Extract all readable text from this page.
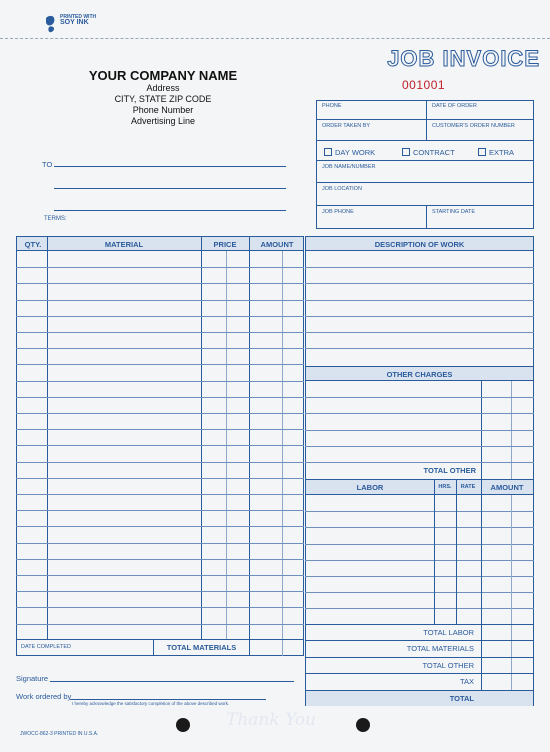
PRINTED WITH
SOY INK
YOUR COMPANY NAME
Address
CITY, STATE ZIP CODE
Phone Number
Advertising Line
JOB INVOICE
001001
TO
TERMS:
PHONE	DATE OF ORDER
ORDER TAKEN BY	CUSTOMER'S ORDER NUMBER
DAY WORK	CONTRACT	EXTRA
JOB NAME/NUMBER
JOB LOCATION
JOB PHONE	STARTING DATE
QTY.	MATERIAL	PRICE	AMOUNT
DATE COMPLETED	TOTAL MATERIALS
DESCRIPTION OF WORK
OTHER CHARGES
TOTAL OTHER
LABOR	HRS.	RATE	AMOUNT
TOTAL LABOR
TOTAL MATERIALS
TOTAL OTHER
TAX
TOTAL
Signature
Work ordered by
I hereby acknowledge the satisfactory completion of the above described work.
Thank You
JWOCC-862-3 PRINTED IN U.S.A.
